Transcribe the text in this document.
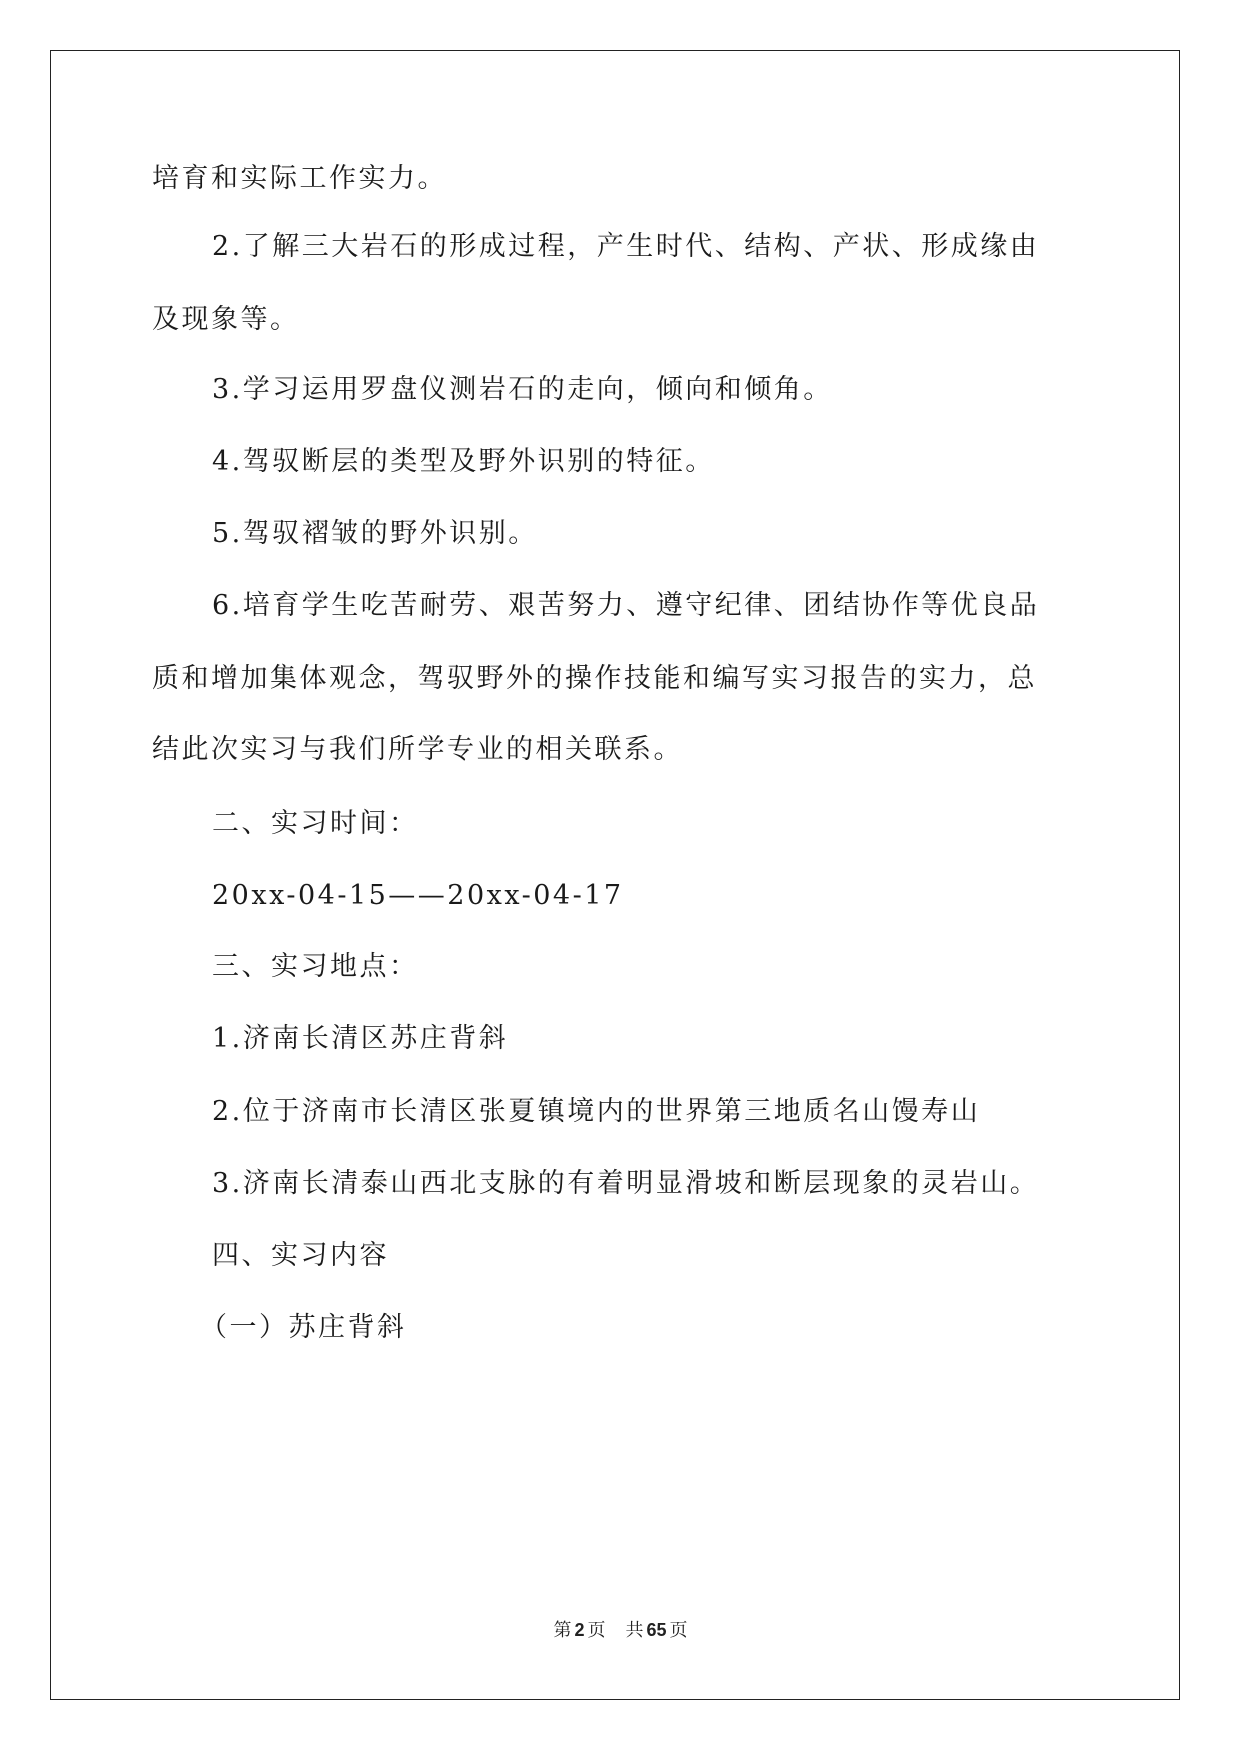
培育和实际工作实力。

2.了解三大岩石的形成过程，产生时代、结构、产状、形成缘由

及现象等。

3.学习运用罗盘仪测岩石的走向，倾向和倾角。

4.驾驭断层的类型及野外识别的特征。

5.驾驭褶皱的野外识别。

6.培育学生吃苦耐劳、艰苦努力、遵守纪律、团结协作等优良品

质和增加集体观念，驾驭野外的操作技能和编写实习报告的实力，总

结此次实习与我们所学专业的相关联系。

二、实习时间：

20xx-04-15——20xx-04-17

三、实习地点：

1.济南长清区苏庄背斜

2.位于济南市长清区张夏镇境内的世界第三地质名山馒寿山

3.济南长清泰山西北支脉的有着明显滑坡和断层现象的灵岩山。

四、实习内容

（一）苏庄背斜

第 2 页 共 65 页
